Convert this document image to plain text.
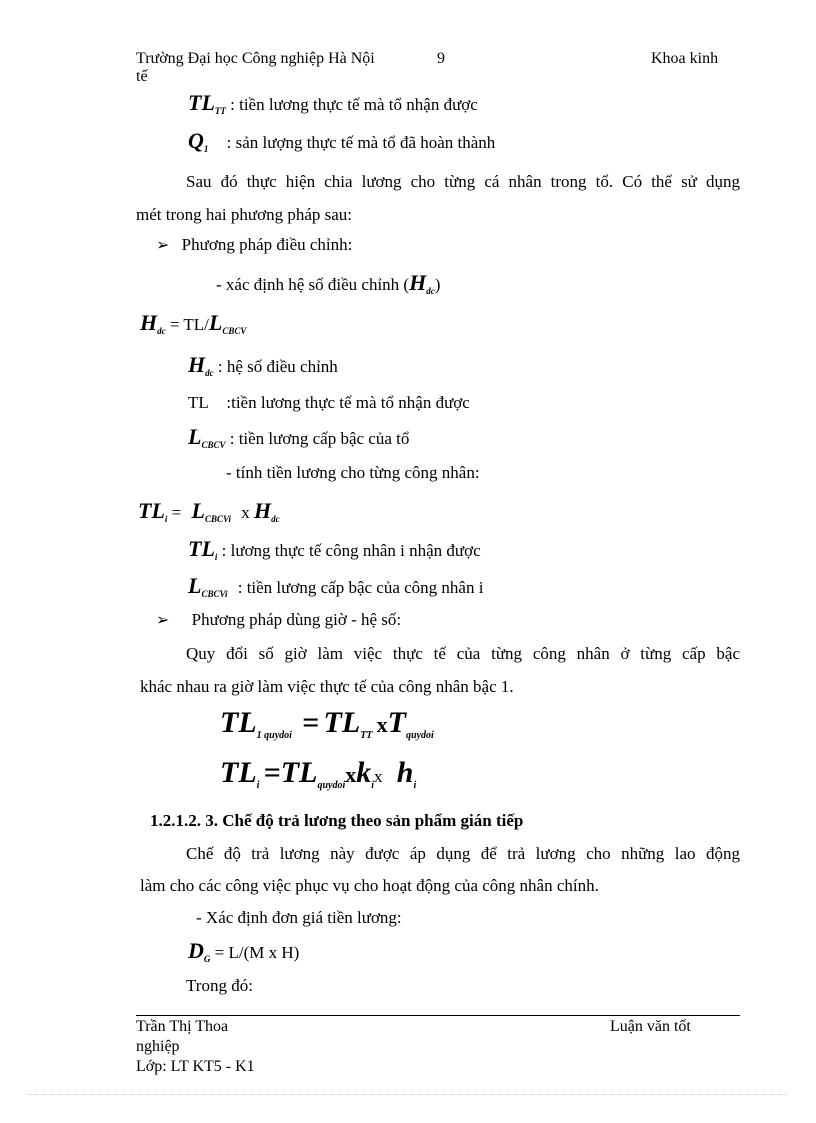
Trường Đại học Công nghiệp Hà Nội	9	Khoa kinh
tế
$TL_{TT}$ : tiền lương thực tế mà tổ nhận được
$Q_1$ : sản lượng thực tế mà tổ đã hoàn thành
Sau đó thực hiện chia lương cho từng cá nhân trong tổ. Có thể sử dụng
mét trong hai phương pháp sau:
➢ Phương pháp điều chỉnh:
- xác định hệ số điều chỉnh $(H_{dc})$
$H_{dc} = TL/L_{CBCV}$
$H_{dc}$ : hệ số điều chỉnh
TL :tiền lương thực tế mà tổ nhận được
$L_{CBCV}$ : tiền lương cấp bậc của tổ
- tính tiền lương cho từng công nhân:
$TL_i = L_{CBCVi}$ x $H_{dc}$
$TL_i$ : lương thực tế công nhân i nhận được
$L_{CBCVi}$ : tiền lương cấp bậc của công nhân i
➢ Phương pháp dùng giờ - hệ số:
Quy đổi số giờ làm việc thực tế của từng công nhân ở từng cấp bậc
khác nhau ra giờ làm việc thực tế của công nhân bậc 1.
$TL_{1 quydoi} = TL_{TT}$ $xT_{quydoi}$
$TL_i =TL_{quydoi}xk_ix$ $h_i$
1.2.1.2. 3. Chế độ trả lương theo sản phẩm gián tiếp
Chế độ trả lương này được áp dụng để trả lương cho những lao động
làm cho các công việc phục vụ cho hoạt động của công nhân chính.
- Xác định đơn giá tiền lương:
$D_G = L/(M$ x H)
Trong đó:
Trần Thị Thoa	Luận văn tốt
nghiệp
Lớp: LT KT5 - K1
